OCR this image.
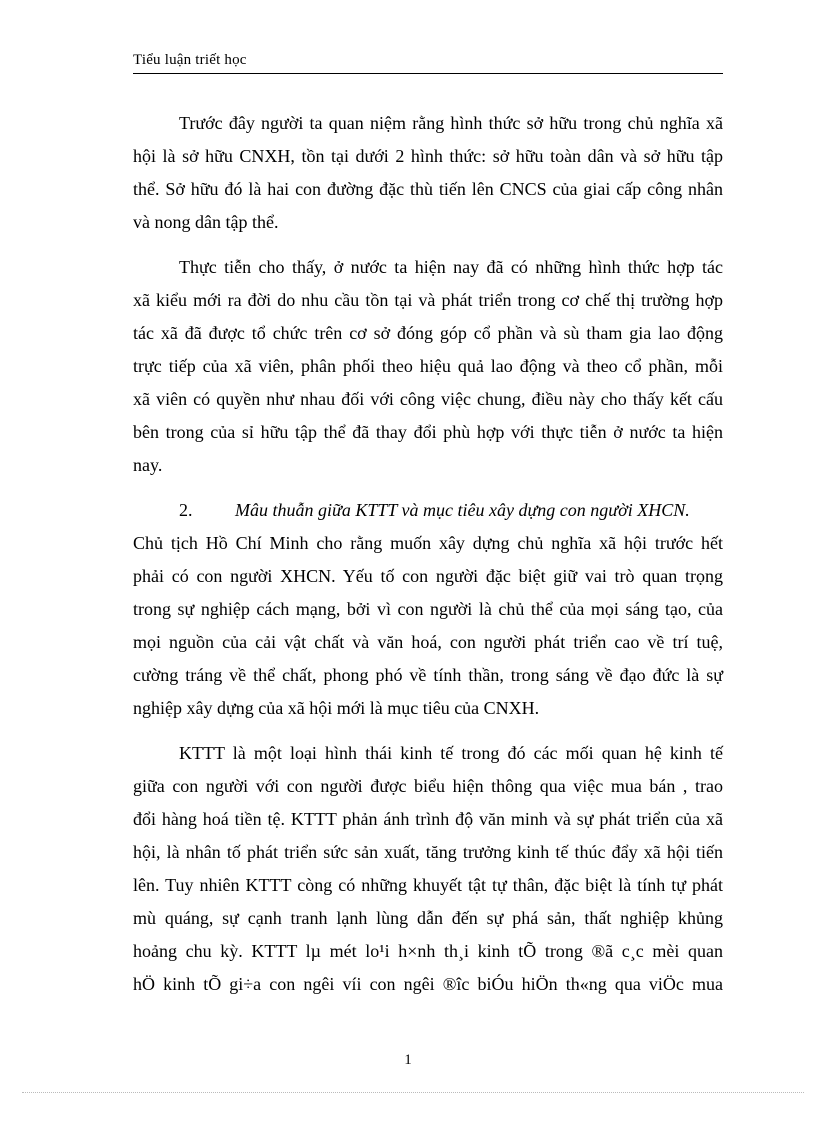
Tiểu luận triết học
Trước đây người ta quan niệm rằng hình thức sở hữu trong chủ nghĩa xã
hội là sở hữu CNXH, tồn tại dưới 2 hình thức: sở hữu toàn dân và sở hữu tập
thể. Sở hữu đó là hai con đường đặc thù tiến lên CNCS của giai cấp công nhân
và nong dân tập thể.
Thực tiễn cho thấy, ở nước ta hiện nay đã có những hình thức hợp tác
xã kiểu mới ra đời do nhu cầu tồn tại và phát triển trong cơ chế thị trường hợp
tác xã đã được tổ chức trên cơ sở đóng góp cổ phần và sù tham gia lao động
trực tiếp của xã viên, phân phối theo hiệu quả lao động và theo cổ phần, mỗi
xã viên có quyền như nhau đối với công việc chung, điều này cho thấy kết cấu
bên trong của sỉ hữu tập thể đã thay đổi phù hợp với thực tiễn ở nước ta hiện
nay.
2. Mâu thuẫn giữa KTTT và mục tiêu xây dựng con người XHCN.
Chủ tịch Hồ Chí Minh cho rằng muốn xây dựng chủ nghĩa xã hội trước hết
phải có con người XHCN. Yếu tố con người đặc biệt giữ vai trò quan trọng
trong sự nghiệp cách mạng, bởi vì con người là chủ thể của mọi sáng tạo, của
mọi nguồn của cải vật chất và văn hoá, con người phát triển cao về trí tuệ,
cường tráng về thể chất, phong phó về tính thần, trong sáng về đạo đức là sự
nghiệp xây dựng của xã hội mới là mục tiêu của CNXH.
KTTT là một loại hình thái kinh tế trong đó các mối quan hệ kinh tế
giữa con người với con người được biểu hiện thông qua việc mua bán , trao
đổi hàng hoá tiền tệ. KTTT phản ánh trình độ văn minh và sự phát triển của xã
hội, là nhân tố phát triển sức sản xuất, tăng trưởng kinh tế thúc đẩy xã hội tiến
lên. Tuy nhiên KTTT còng có những khuyết tật tự thân, đặc biệt là tính tự phát
mù quáng, sự cạnh tranh lạnh lùng dẫn đến sự phá sản, thất nghiệp khủng
hoảng chu kỳ. KTTT lµ mét lo¹i h×nh th¸i kinh tÕ trong ®ã c¸c mèi quan
hÖ kinh tÕ gi÷a con ngêi víi con ngêi ®îc biÓu hiÖn th«ng qua viÖc mua
1
